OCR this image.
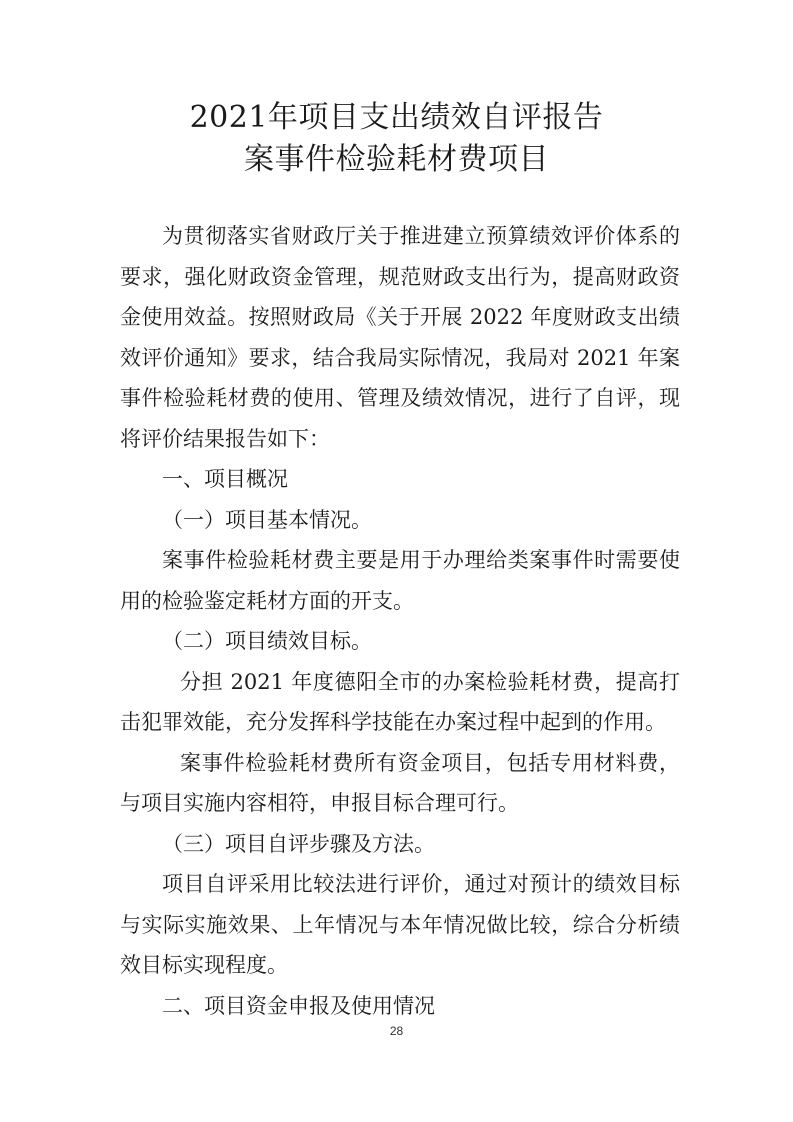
2021年项目支出绩效自评报告
案事件检验耗材费项目

为贯彻落实省财政厅关于推进建立预算绩效评价体系的要求，强化财政资金管理，规范财政支出行为，提高财政资金使用效益。按照财政局《关于开展 2022 年度财政支出绩效评价通知》要求，结合我局实际情况，我局对 2021 年案事件检验耗材费的使用、管理及绩效情况，进行了自评，现将评价结果报告如下：

一、项目概况

（一）项目基本情况。

案事件检验耗材费主要是用于办理给类案事件时需要使用的检验鉴定耗材方面的开支。

（二）项目绩效目标。

分担 2021 年度德阳全市的办案检验耗材费，提高打击犯罪效能，充分发挥科学技能在办案过程中起到的作用。

案事件检验耗材费所有资金项目，包括专用材料费，与项目实施内容相符，申报目标合理可行。

（三）项目自评步骤及方法。

项目自评采用比较法进行评价，通过对预计的绩效目标与实际实施效果、上年情况与本年情况做比较，综合分析绩效目标实现程度。

二、项目资金申报及使用情况

28
